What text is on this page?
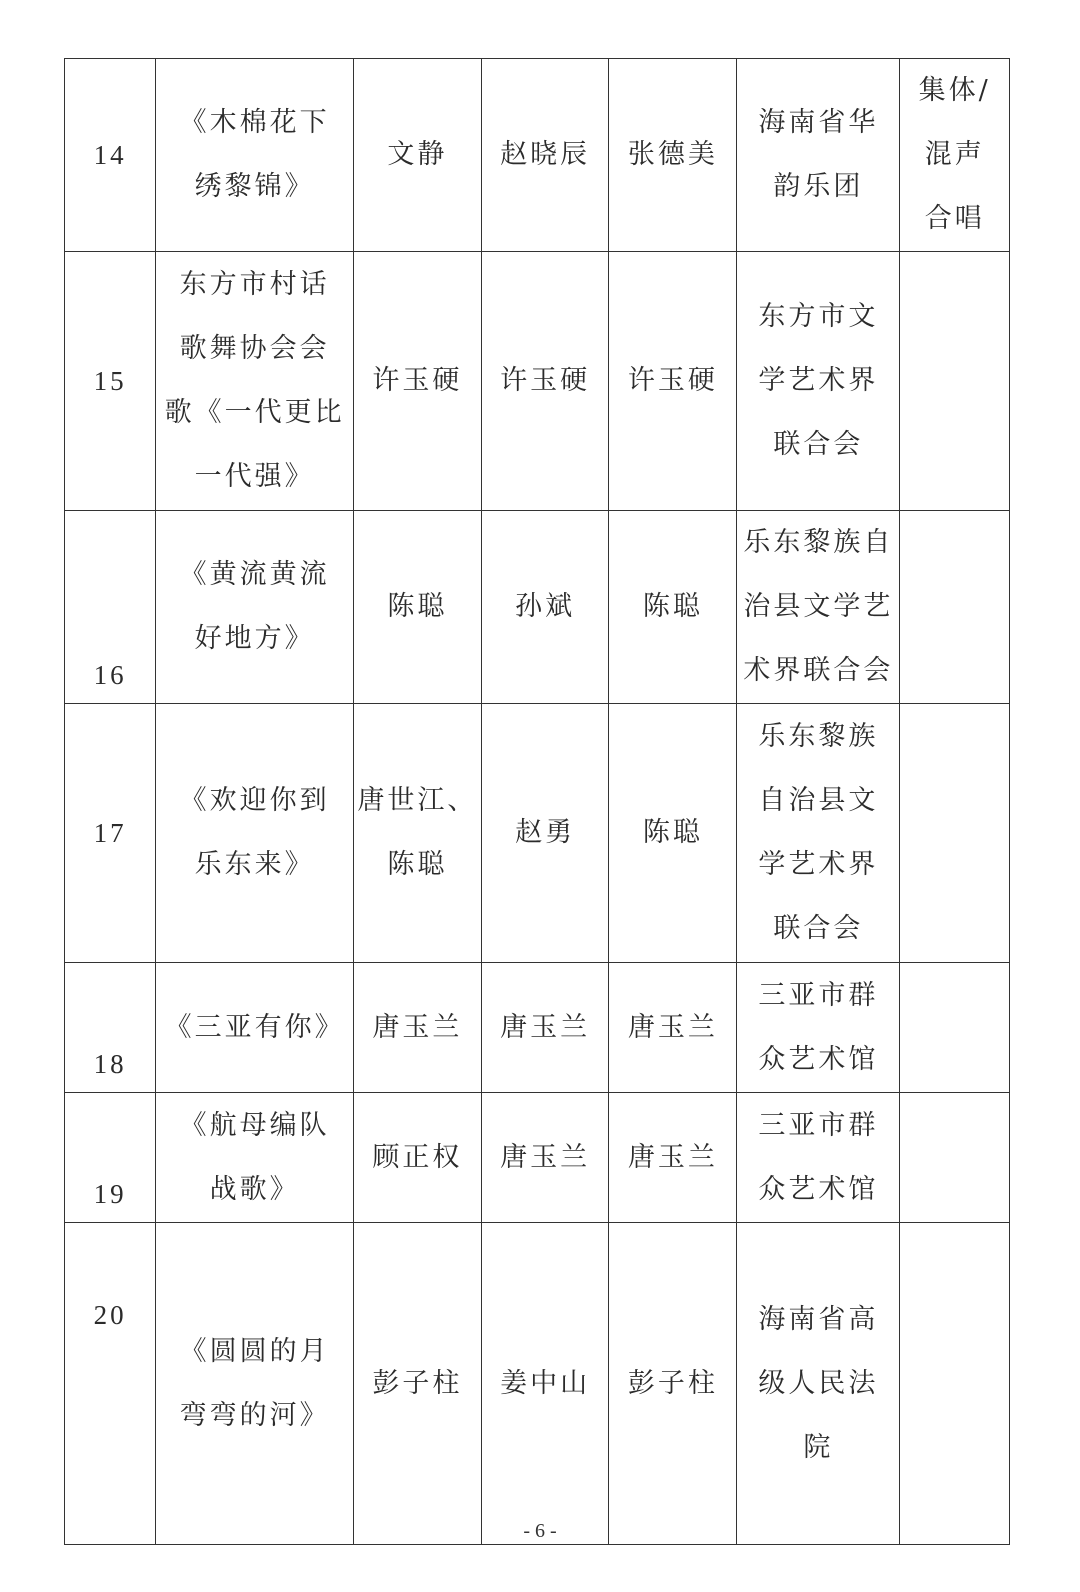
14	《木棉花下
绣黎锦》	文静	赵晓辰	张德美	海南省华
韵乐团	集体/
混声
合唱

15	东方市村话
歌舞协会会
歌《一代更比
一代强》	许玉硬	许玉硬	许玉硬	东方市文
学艺术界
联合会	

16	《黄流黄流
好地方》	陈聪	孙斌	陈聪	乐东黎族自
治县文学艺
术界联合会	

17	《欢迎你到
乐东来》	唐世江、
陈聪	赵勇	陈聪	乐东黎族
自治县文
学艺术界
联合会	

18	《三亚有你》	唐玉兰	唐玉兰	唐玉兰	三亚市群
众艺术馆	

19	《航母编队
战歌》	顾正权	唐玉兰	唐玉兰	三亚市群
众艺术馆	

20	《圆圆的月
弯弯的河》	彭子柱	姜中山	彭子柱	海南省高
级人民法
院	

- 6 -
